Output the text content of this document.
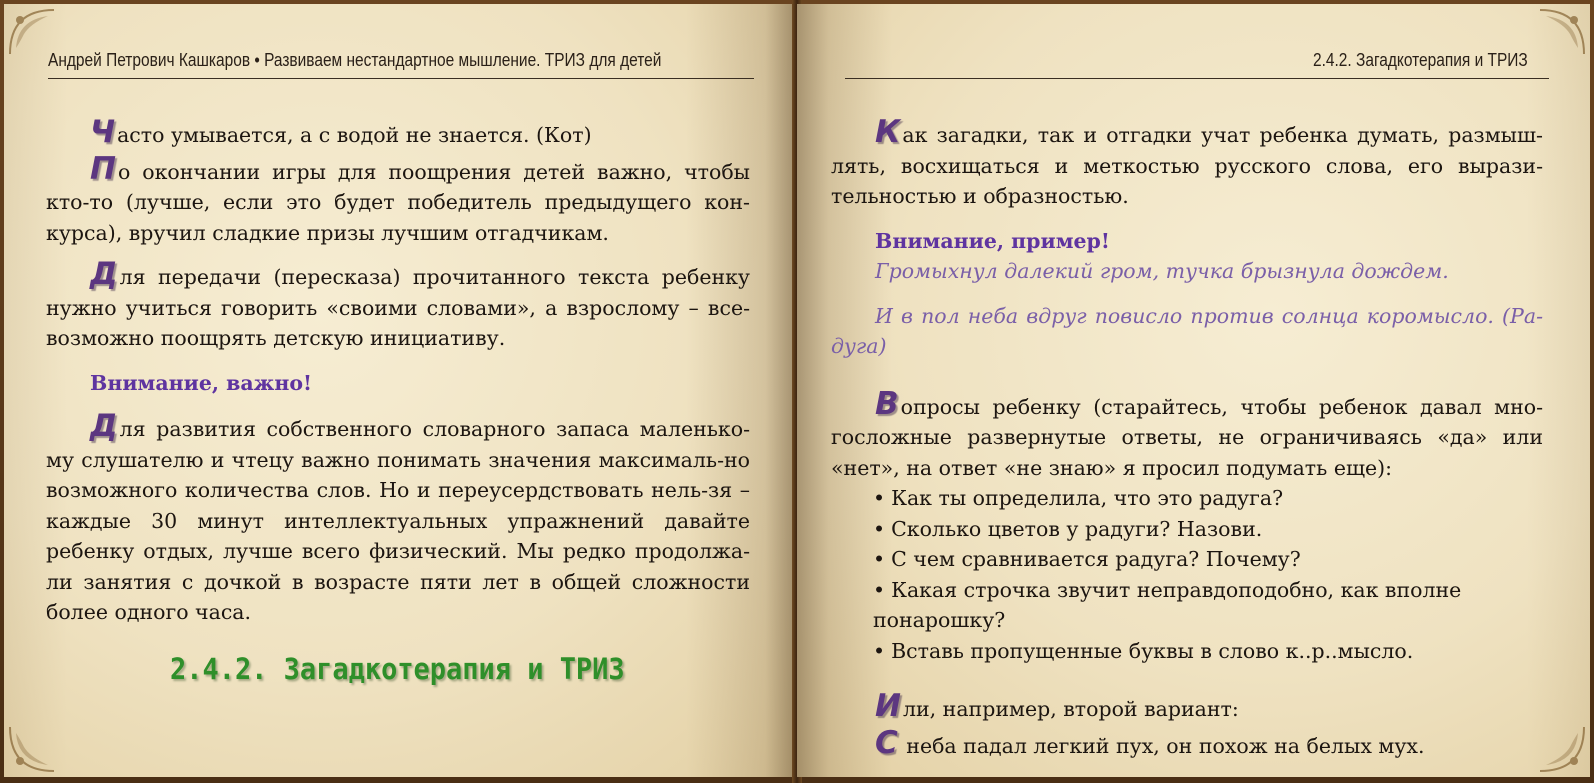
Андрей Петрович Кашкаров • Развиваем нестандартное мышление. ТРИЗ для детей

Часто умывается, а с водой не знается. (Кот)

По окончании игры для поощрения детей важно, чтобы кто-то (лучше, если это будет победитель предыдущего кон-курса), вручил сладкие призы лучшим отгадчикам.

Для передачи (пересказа) прочитанного текста ребенку нужно учиться говорить «своими словами», а взрослому – все-возможно поощрять детскую инициативу.

Внимание, важно!

Для развития собственного словарного запаса маленько-му слушателю и чтецу важно понимать значения максималь-но возможного количества слов. Но и переусердствовать нель-зя – каждые 30 минут интеллектуальных упражнений давайте ребенку отдых, лучше всего физический. Мы редко продолжа-ли занятия с дочкой в возрасте пяти лет в общей сложности более одного часа.

2.4.2. Загадкотерапия и ТРИЗ
2.4.2. Загадкотерапия и ТРИЗ

Как загадки, так и отгадки учат ребенка думать, размыш-лять, восхищаться и меткостью русского слова, его вырази-тельностью и образностью.

Внимание, пример!

Громыхнул далекий гром, тучка брызнула дождем.

И в пол неба вдруг повисло против солнца коромысло. (Ра-дуга)

Вопросы ребенку (старайтесь, чтобы ребенок давал мно-госложные развернутые ответы, не ограничиваясь «да» или «нет», на ответ «не знаю» я просил подумать еще):

• Как ты определила, что это радуга?
• Сколько цветов у радуги? Назови.
• С чем сравнивается радуга? Почему?
• Какая строчка звучит неправдоподобно, как вполне понарошку?
• Вставь пропущенные буквы в слово к..р..мысло.

Или, например, второй вариант:

С неба падал легкий пух, он похож на белых мух.
